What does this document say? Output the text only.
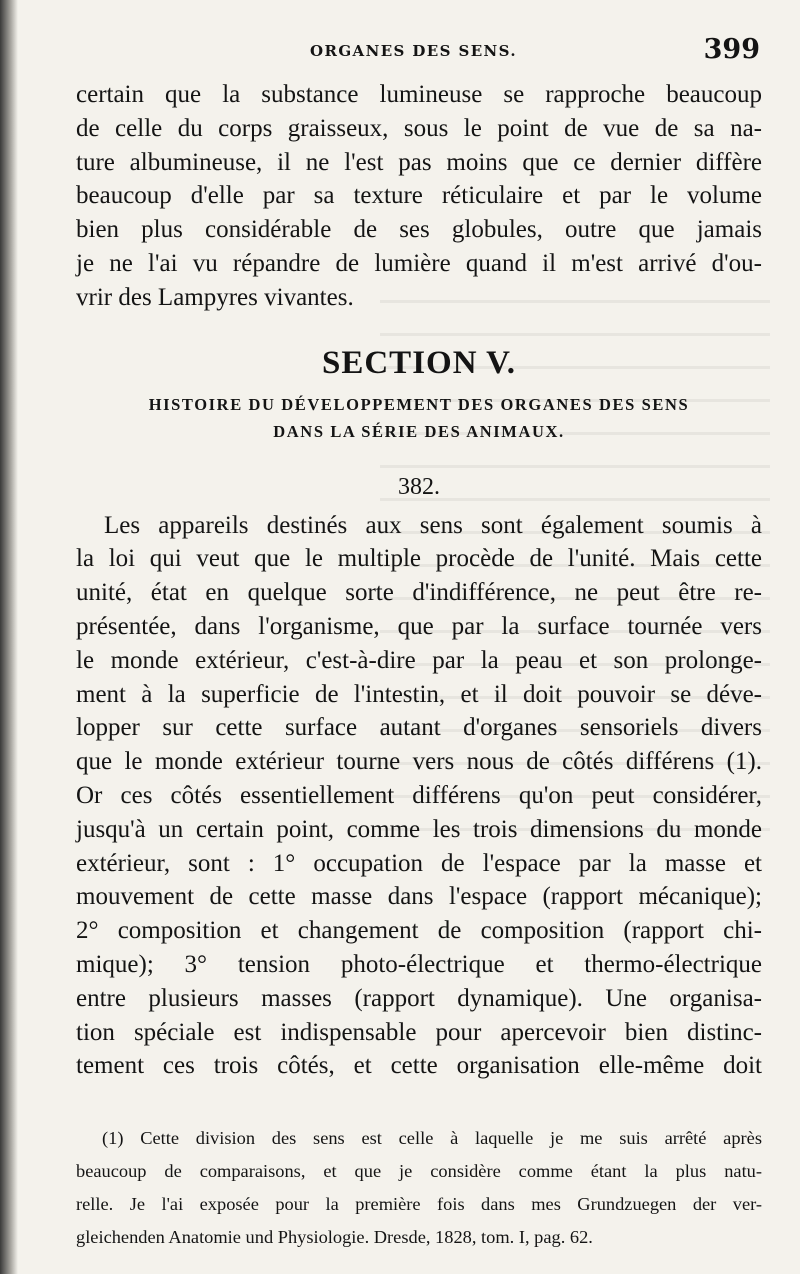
ORGANES DES SENS.	399
certain que la substance lumineuse se rapproche beaucoup
de celle du corps graisseux, sous le point de vue de sa na-
ture albumineuse, il ne l'est pas moins que ce dernier diffère
beaucoup d'elle par sa texture réticulaire et par le volume
bien plus considérable de ses globules, outre que jamais
je ne l'ai vu répandre de lumière quand il m'est arrivé d'ou-
vrir des Lampyres vivantes.
SECTION V.
HISTOIRE DU DÉVELOPPEMENT DES ORGANES DES SENS
DANS LA SÉRIE DES ANIMAUX.
382.
Les appareils destinés aux sens sont également soumis à
la loi qui veut que le multiple procède de l'unité. Mais cette
unité, état en quelque sorte d'indifférence, ne peut être re-
présentée, dans l'organisme, que par la surface tournée vers
le monde extérieur, c'est-à-dire par la peau et son prolonge-
ment à la superficie de l'intestin, et il doit pouvoir se déve-
lopper sur cette surface autant d'organes sensoriels divers
que le monde extérieur tourne vers nous de côtés différens (1).
Or ces côtés essentiellement différens qu'on peut considérer,
jusqu'à un certain point, comme les trois dimensions du monde
extérieur, sont : 1° occupation de l'espace par la masse et
mouvement de cette masse dans l'espace (rapport mécanique);
2° composition et changement de composition (rapport chi-
mique); 3° tension photo-électrique et thermo-électrique
entre plusieurs masses (rapport dynamique). Une organisa-
tion spéciale est indispensable pour apercevoir bien distinc-
tement ces trois côtés, et cette organisation elle-même doit
(1) Cette division des sens est celle à laquelle je me suis arrêté après
beaucoup de comparaisons, et que je considère comme étant la plus natu-
relle. Je l'ai exposée pour la première fois dans mes Grundzuegen der ver-
gleichenden Anatomie und Physiologie. Dresde, 1828, tom. I, pag. 62.
